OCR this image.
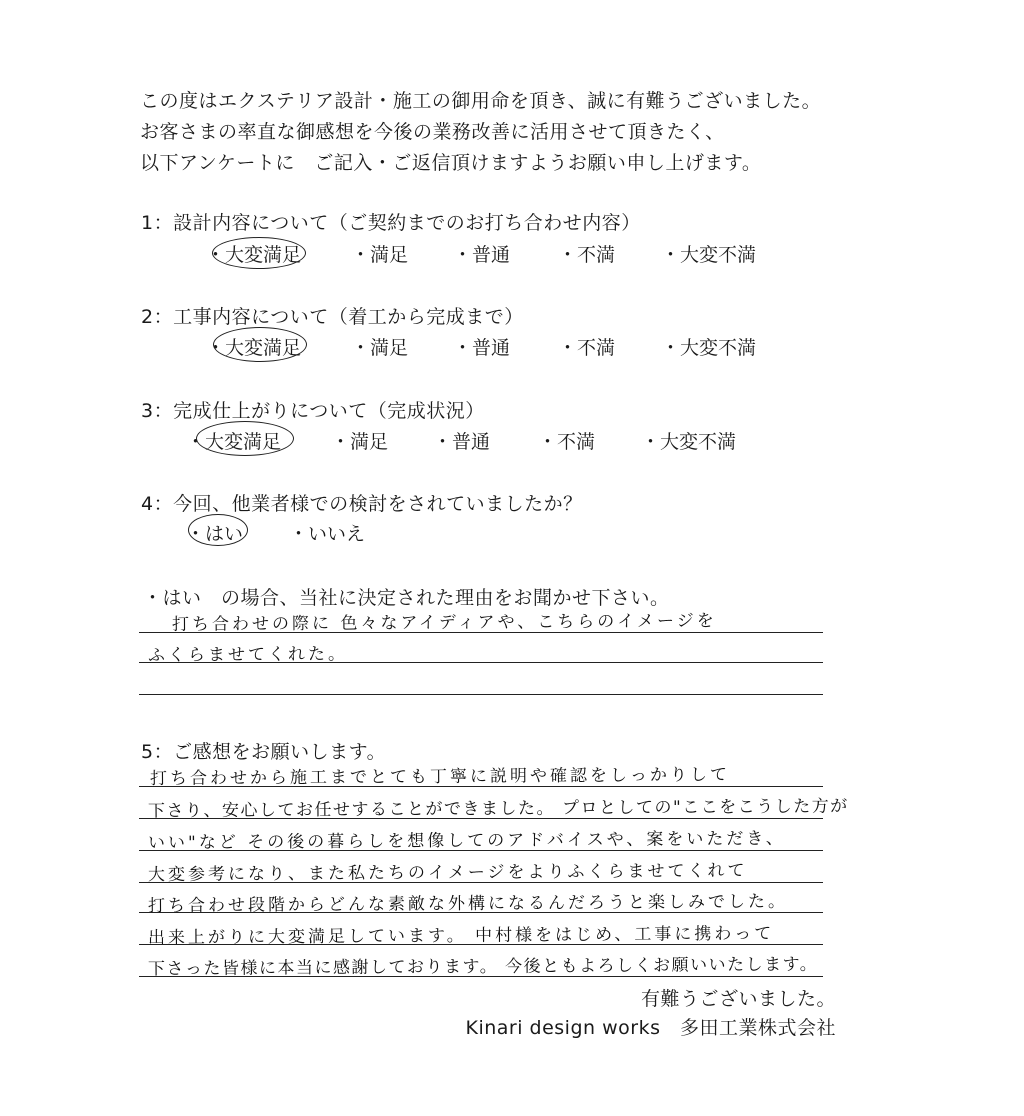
この度はエクステリア設計・施工の御用命を頂き、誠に有難うございました。
お客さまの率直な御感想を今後の業務改善に活用させて頂きたく、
以下アンケートに　ご記入・ご返信頂けますようお願い申し上げます。
1：設計内容について（ご契約までのお打ち合わせ内容）
・大変満足	・満足 ・普通	・不満 ・大変不満
2：工事内容について（着工から完成まで）
・大変満足	・満足 ・普通	・不満 ・大変不満
3：完成仕上がりについて（完成状況）
・大変満足	・満足 ・普通	・不満 ・大変不満
4：今回、他業者様での検討をされていましたか？
・はい ・いいえ
・はい　の場合、当社に決定された理由をお聞かせ下さい。
打ち合わせの際に 色々なアイディアや、こちらのイメージを
ふくらませてくれた。
5：ご感想をお願いします。
打ち合わせから施工までとても丁寧に説明や確認をしっかりして
下さり、安心してお任せすることができました。 プロとしての"ここをこうした方が
いい"など その後の暮らしを想像してのアドバイスや、案をいただき、
大変参考になり、また私たちのイメージをよりふくらませてくれて
打ち合わせ段階からどんな素敵な外構になるんだろうと楽しみでした。
出来上がりに大変満足しています。 中村様をはじめ、工事に携わって
下さった皆様に本当に感謝しております。 今後ともよろしくお願いいたします。
有難うございました。
Kinari design works　多田工業株式会社
